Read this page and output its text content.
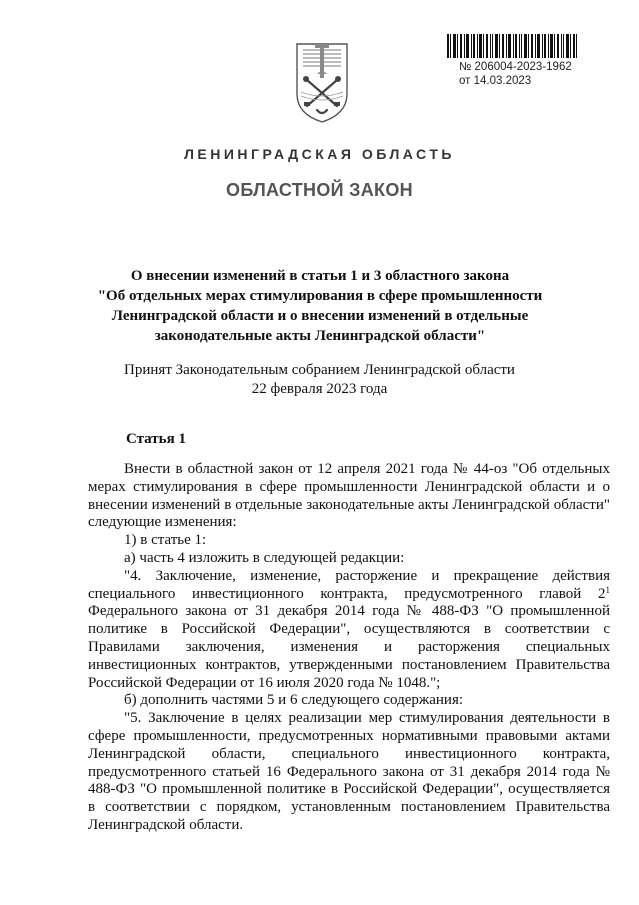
№ 206004-2023-1962
от 14.03.2023
ЛЕНИНГРАДСКАЯ ОБЛАСТЬ
ОБЛАСТНОЙ ЗАКОН
О внесении изменений в статьи 1 и 3 областного закона
"Об отдельных мерах стимулирования в сфере промышленности
Ленинградской области и о внесении изменений в отдельные
законодательные акты Ленинградской области"
Принят Законодательным собранием Ленинградской области
22 февраля 2023 года
Статья 1

Внести в областной закон от 12 апреля 2021 года № 44-оз "Об отдельных мерах стимулирования в сфере промышленности Ленинградской области и о внесении изменений в отдельные законодательные акты Ленинградской области" следующие изменения:

1) в статье 1:

а) часть 4 изложить в следующей редакции:

"4. Заключение, изменение, расторжение и прекращение действия специального инвестиционного контракта, предусмотренного главой $2^1$ Федерального закона от 31 декабря 2014 года № 488-ФЗ "О промышленной политике в Российской Федерации", осуществляются в соответствии с Правилами заключения, изменения и расторжения специальных инвестиционных контрактов, утвержденными постановлением Правительства Российской Федерации от 16 июля 2020 года № 1048.";

б) дополнить частями 5 и 6 следующего содержания:

"5. Заключение в целях реализации мер стимулирования деятельности в сфере промышленности, предусмотренных нормативными правовыми актами Ленинградской области, специального инвестиционного контракта, предусмотренного статьей 16 Федерального закона от 31 декабря 2014 года № 488-ФЗ "О промышленной политике в Российской Федерации", осуществляется в соответствии с порядком, установленным постановлением Правительства Ленинградской области.
